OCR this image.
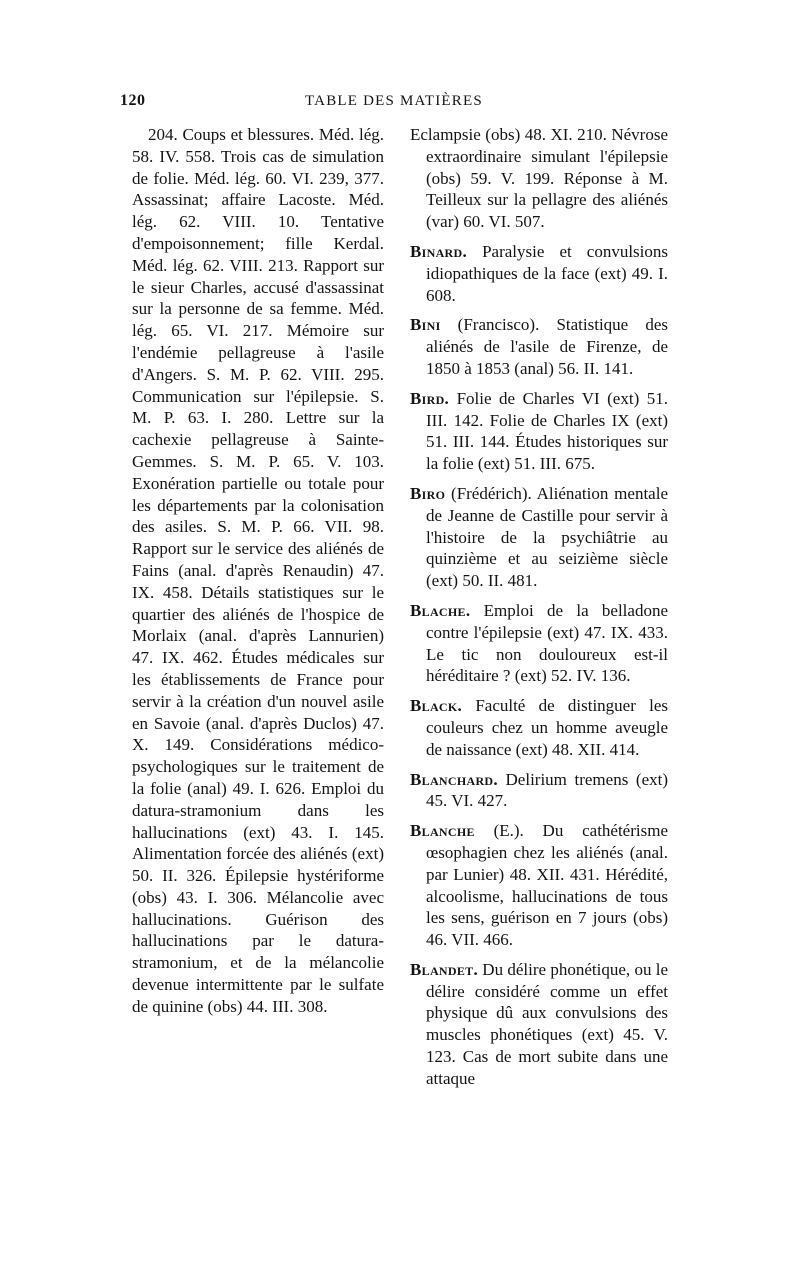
120	TABLE DES MATIÈRES

204. Coups et blessures. Méd. lég. 58. IV. 558. Trois cas de simulation de folie. Méd. lég. 60. VI. 239, 377. Assassinat; affaire Lacoste. Méd. lég. 62. VIII. 10. Tentative d'empoisonnement; fille Kerdal. Méd. lég. 62. VIII. 213. Rapport sur le sieur Charles, accusé d'assassinat sur la personne de sa femme. Méd. lég. 65. VI. 217. Mémoire sur l'endémie pellagreuse à l'asile d'Angers. S. M. P. 62. VIII. 295. Communication sur l'épilepsie. S. M. P. 63. I. 280. Lettre sur la cachexie pellagreuse à Sainte-Gemmes. S. M. P. 65. V. 103. Exonération partielle ou totale pour les départements par la colonisation des asiles. S. M. P. 66. VII. 98. Rapport sur le service des aliénés de Fains (anal. d'après Renaudin) 47. IX. 458. Détails statistiques sur le quartier des aliénés de l'hospice de Morlaix (anal. d'après Lannurien) 47. IX. 462. Études médicales sur les établissements de France pour servir à la création d'un nouvel asile en Savoie (anal. d'après Duclos) 47. X. 149. Considérations médico-psychologiques sur le traitement de la folie (anal) 49. I. 626. Emploi du datura-stramonium dans les hallucinations (ext) 43. I. 145. Alimentation forcée des aliénés (ext) 50. II. 326. Épilepsie hystériforme (obs) 43. I. 306. Mélancolie avec hallucinations. Guérison des hallucinations par le datura-stramonium, et de la mélancolie devenue intermittente par le sulfate de quinine (obs) 44. III. 308.

Eclampsie (obs) 48. XI. 210. Névrose extraordinaire simulant l'épilepsie (obs) 59. V. 199. Réponse à M. Teilleux sur la pellagre des aliénés (var) 60. VI. 507.

Binard. Paralysie et convulsions idiopathiques de la face (ext) 49. I. 608.

Bini (Francisco). Statistique des aliénés de l'asile de Firenze, de 1850 à 1853 (anal) 56. II. 141.

Bird. Folie de Charles VI (ext) 51. III. 142. Folie de Charles IX (ext) 51. III. 144. Études historiques sur la folie (ext) 51. III. 675.

Biro (Frédérich). Aliénation mentale de Jeanne de Castille pour servir à l'histoire de la psychiâtrie au quinzième et au seizième siècle (ext) 50. II. 481.

Blache. Emploi de la belladone contre l'épilepsie (ext) 47. IX. 433. Le tic non douloureux est-il héréditaire ? (ext) 52. IV. 136.

Black. Faculté de distinguer les couleurs chez un homme aveugle de naissance (ext) 48. XII. 414.

Blanchard. Delirium tremens (ext) 45. VI. 427.

Blanche (E.). Du cathétérisme œsophagien chez les aliénés (anal. par Lunier) 48. XII. 431. Hérédité, alcoolisme, hallucinations de tous les sens, guérison en 7 jours (obs) 46. VII. 466.

Blandet. Du délire phonétique, ou le délire considéré comme un effet physique dû aux convulsions des muscles phonétiques (ext) 45. V. 123. Cas de mort subite dans une attaque
